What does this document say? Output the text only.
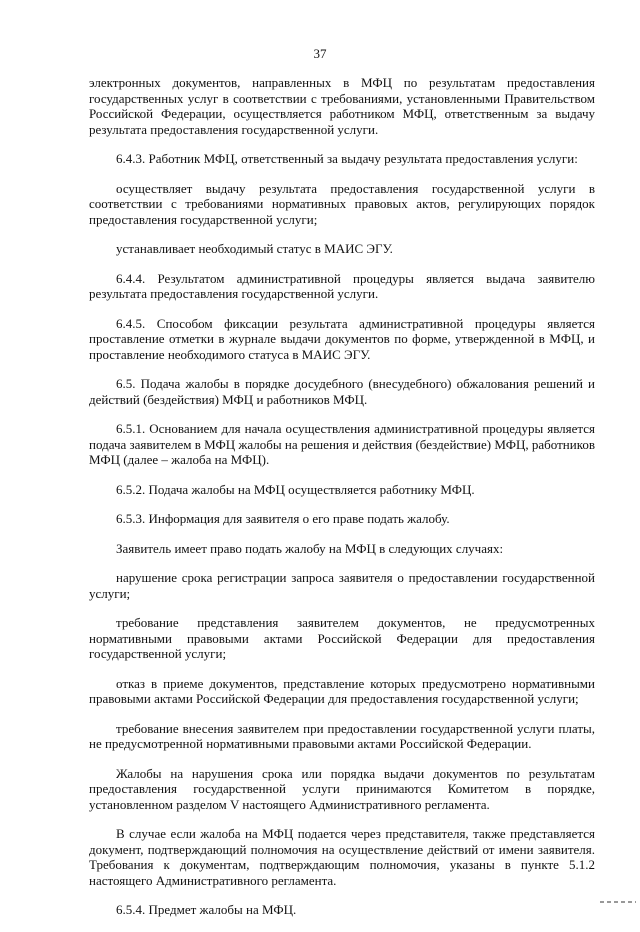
37

электронных документов, направленных в МФЦ по результатам предоставления государственных услуг в соответствии с требованиями, установленными Правительством Российской Федерации, осуществляется работником МФЦ, ответственным за выдачу результата предоставления государственной услуги.

6.4.3. Работник МФЦ, ответственный за выдачу результата предоставления услуги:

осуществляет выдачу результата предоставления государственной услуги в соответствии с требованиями нормативных правовых актов, регулирующих порядок предоставления государственной услуги;

устанавливает необходимый статус в МАИС ЭГУ.

6.4.4. Результатом административной процедуры является выдача заявителю результата предоставления государственной услуги.

6.4.5. Способом фиксации результата административной процедуры является проставление отметки в журнале выдачи документов по форме, утвержденной в МФЦ, и проставление необходимого статуса в МАИС ЭГУ.

6.5. Подача жалобы в порядке досудебного (внесудебного) обжалования решений и действий (бездействия) МФЦ и работников МФЦ.

6.5.1. Основанием для начала осуществления административной процедуры является подача заявителем в МФЦ жалобы на решения и действия (бездействие) МФЦ, работников МФЦ (далее – жалоба на МФЦ).

6.5.2. Подача жалобы на МФЦ осуществляется работнику МФЦ.

6.5.3. Информация для заявителя о его праве подать жалобу.

Заявитель имеет право подать жалобу на МФЦ в следующих случаях:

нарушение срока регистрации запроса заявителя о предоставлении государственной услуги;

требование представления заявителем документов, не предусмотренных нормативными правовыми актами Российской Федерации для предоставления государственной услуги;

отказ в приеме документов, представление которых предусмотрено нормативными правовыми актами Российской Федерации для предоставления государственной услуги;

требование внесения заявителем при предоставлении государственной услуги платы, не предусмотренной нормативными правовыми актами Российской Федерации.

Жалобы на нарушения срока или порядка выдачи документов по результатам предоставления государственной услуги принимаются Комитетом в порядке, установленном разделом V настоящего Административного регламента.

В случае если жалоба на МФЦ подается через представителя, также представляется документ, подтверждающий полномочия на осуществление действий от имени заявителя. Требования к документам, подтверждающим полномочия, указаны в пункте 5.1.2 настоящего Административного регламента.

6.5.4. Предмет жалобы на МФЦ.
